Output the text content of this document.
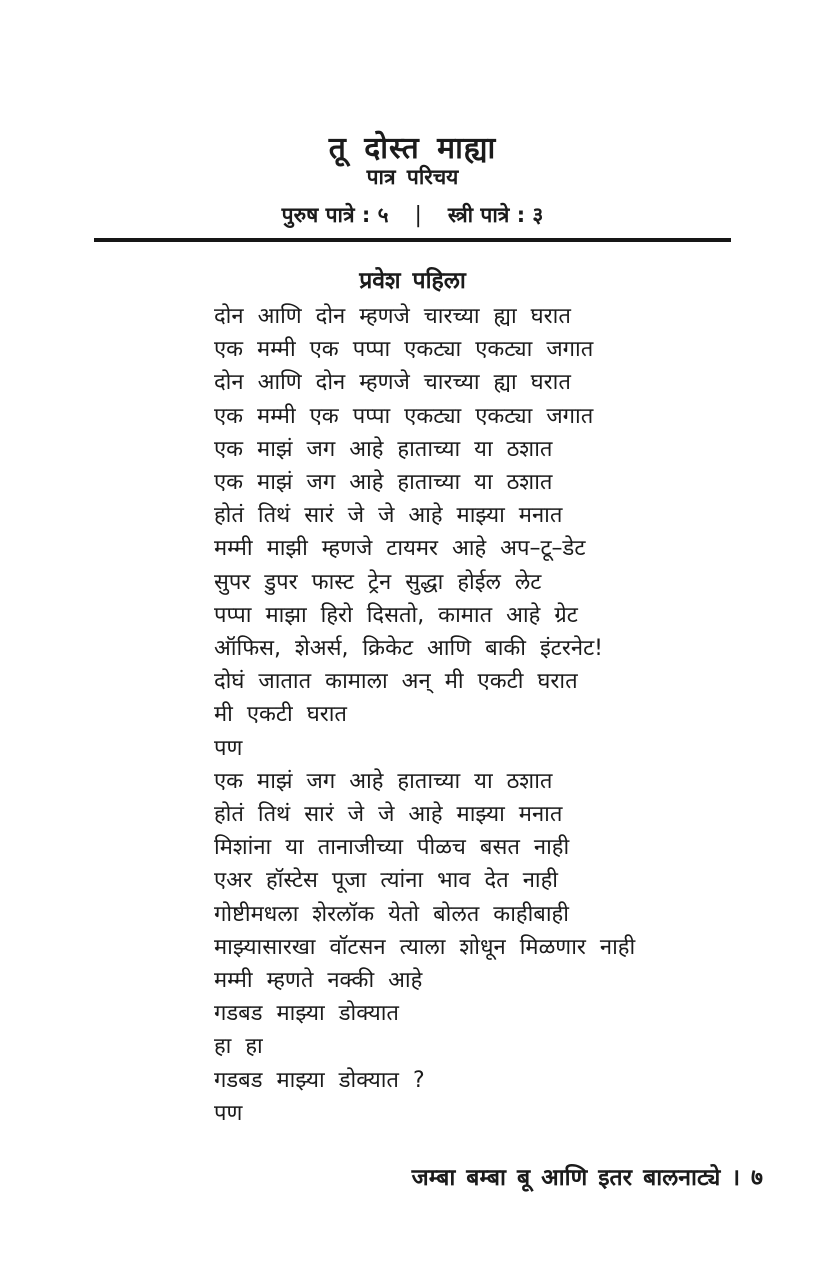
तू दोस्त माह्या
पात्र परिचय
पुरुष पात्रे : ५ | स्त्री पात्रे : ३
प्रवेश पहिला
दोन आणि दोन म्हणजे चारच्या ह्या घरात
एक मम्मी एक पप्पा एकट्या एकट्या जगात
दोन आणि दोन म्हणजे चारच्या ह्या घरात
एक मम्मी एक पप्पा एकट्या एकट्या जगात
एक माझं जग आहे हाताच्या या ठशात
एक माझं जग आहे हाताच्या या ठशात
होतं तिथं सारं जे जे आहे माझ्या मनात
मम्मी माझी म्हणजे टायमर आहे अप–टू–डेट
सुपर डुपर फास्ट ट्रेन सुद्धा होईल लेट
पप्पा माझा हिरो दिसतो, कामात आहे ग्रेट
ऑफिस, शेअर्स, क्रिकेट आणि बाकी इंटरनेट!
दोघं जातात कामाला अन् मी एकटी घरात
मी एकटी घरात
पण
एक माझं जग आहे हाताच्या या ठशात
होतं तिथं सारं जे जे आहे माझ्या मनात
मिशांना या तानाजीच्या पीळच बसत नाही
एअर हॉस्टेस पूजा त्यांना भाव देत नाही
गोष्टीमधला शेरलॉक येतो बोलत काहीबाही
माझ्यासारखा वॉटसन त्याला शोधून मिळणार नाही
मम्मी म्हणते नक्की आहे
गडबड माझ्या डोक्यात
हा हा
गडबड माझ्या डोक्यात ?
पण
जम्बा बम्बा बू आणि इतर बालनाट्ये । ७
